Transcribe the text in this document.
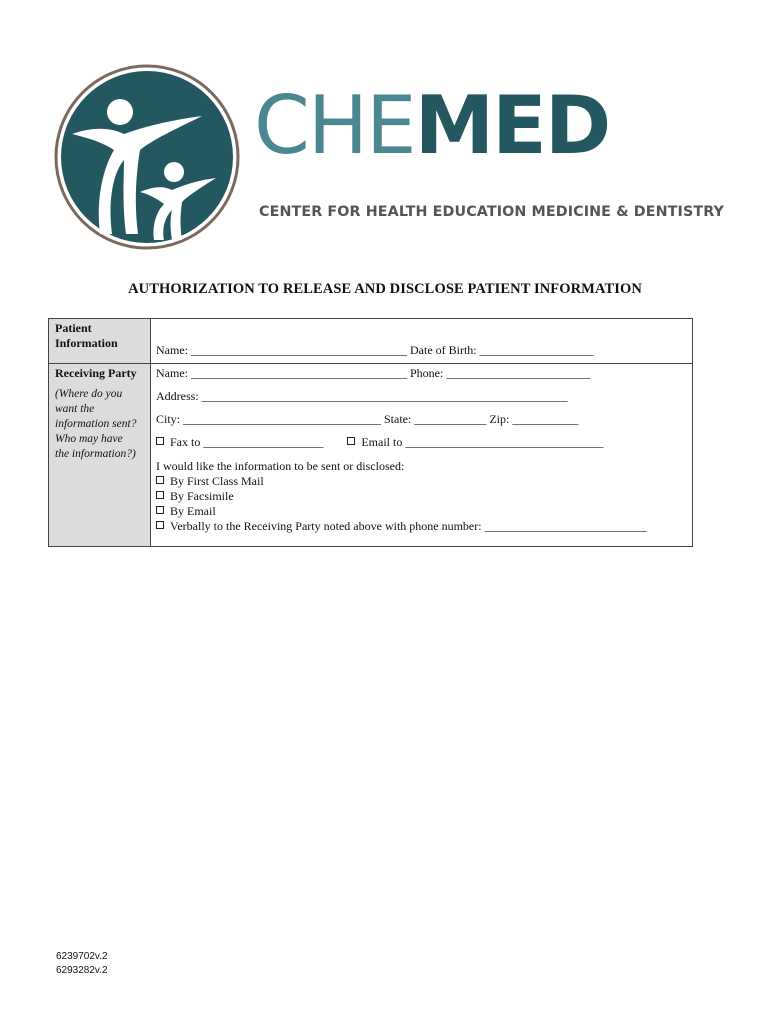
CHEMED
CENTER FOR HEALTH EDUCATION MEDICINE & DENTISTRY
AUTHORIZATION TO RELEASE AND DISCLOSE PATIENT INFORMATION
Patient
Information
Receiving Party
(Where do you
want the
information sent?
Who may have
the information?)
Name: ____________________________________ Date of Birth: ___________________
Name: ____________________________________ Phone: ________________________
Address: _____________________________________________________________
City: _________________________________ State: ____________ Zip: ___________
Fax to ____________________	Email to _________________________________
I would like the information to be sent or disclosed:
By First Class Mail
By Facsimile
By Email
Verbally to the Receiving Party noted above with phone number: ___________________________
6239702v.2
6293282v.2
